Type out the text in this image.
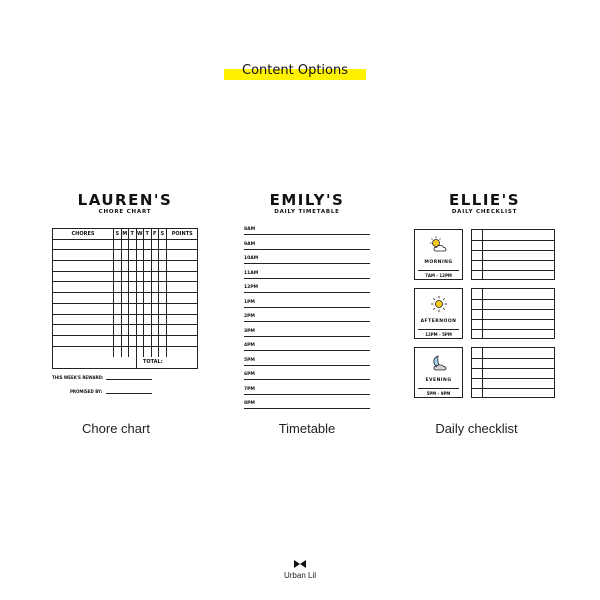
Content Options
LAUREN'S
CHORE CHART
CHORES	S M T W T F S	POINTS
TOTAL:
THIS WEEK'S REWARD:
PROMISED BY:
Chore chart
EMILY'S
DAILY TIMETABLE
8AM
9AM
10AM
11AM
12PM
1PM
2PM
3PM
4PM
5PM
6PM
7PM
8PM
Timetable
ELLIE'S
DAILY CHECKLIST
MORNING
7AM - 12PM
AFTERNOON
12PM - 5PM
EVENING
5PM - 9PM
Daily checklist
Urban Lil
